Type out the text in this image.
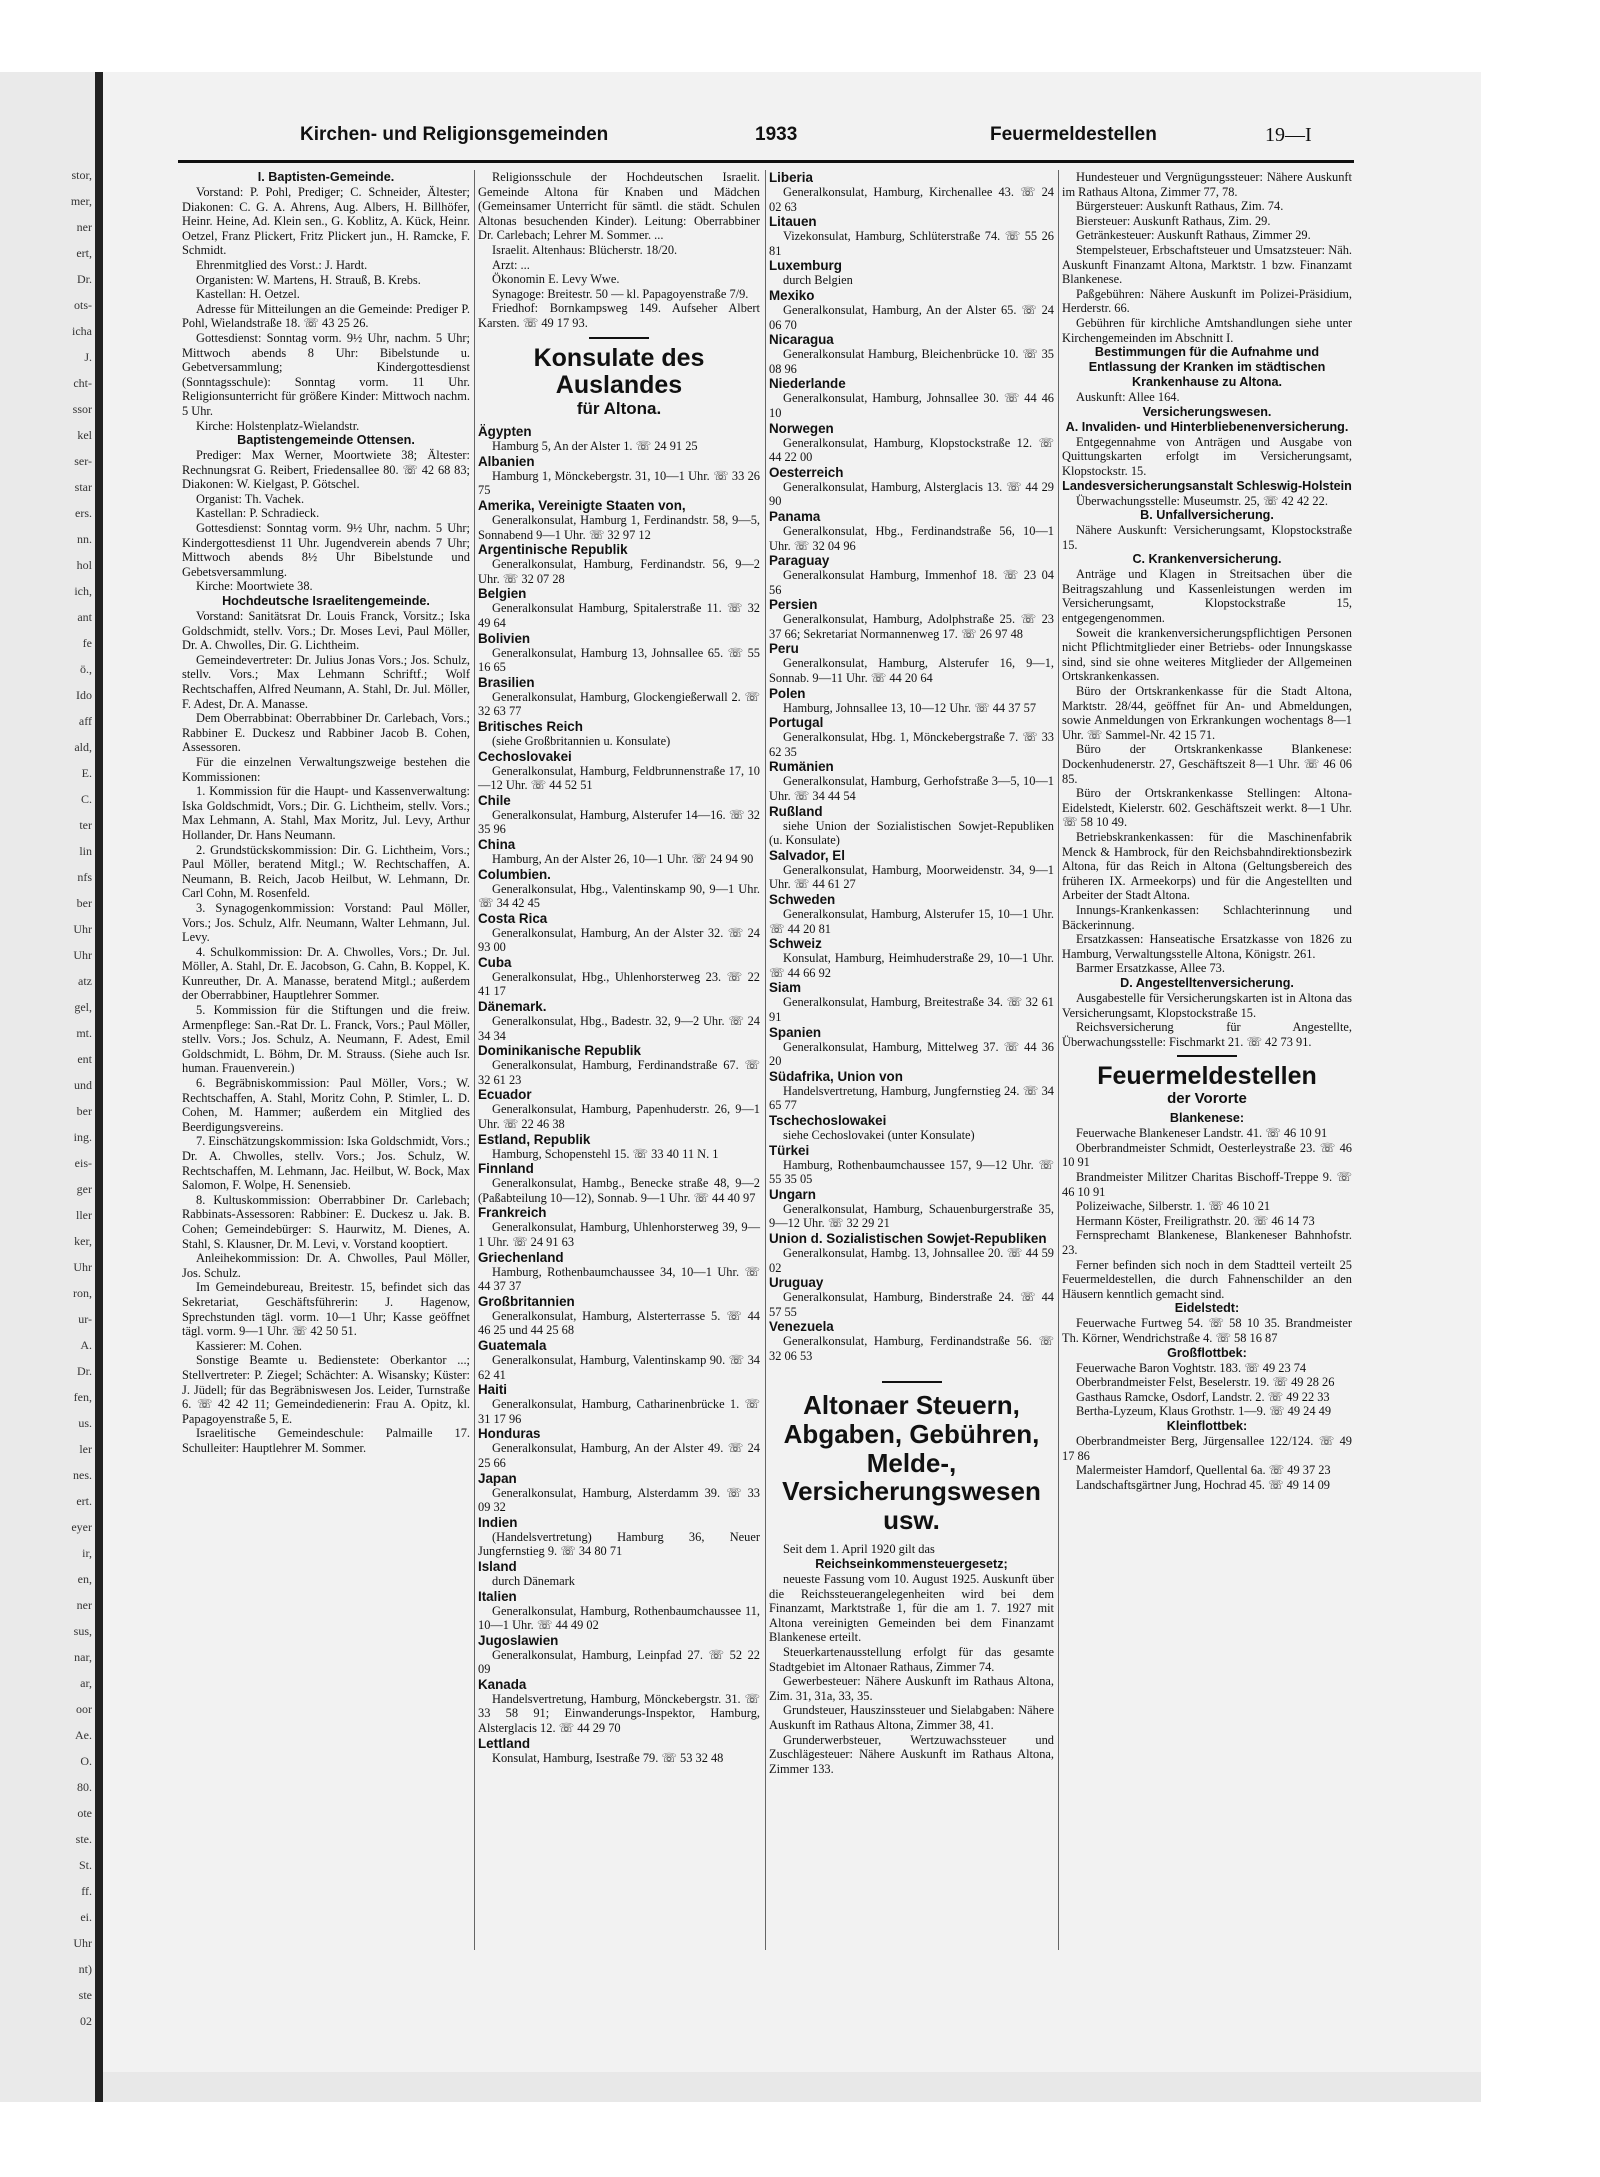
stor,
mer,
ner
ert,
Dr.
ots-
icha
J.
cht-
ssor
kel
ser-
star
ers.
nn.
hol
ich,
ant
fe
ö.,
Ido
aff
ald,
E.
C.
ter
lin
nfs
ber
Uhr
Uhr
atz
gel,
mt.
ent
und
ber
ing.
eis-
ger
ller
ker,
Uhr
ron,
ur-
A.
Dr.
fen,
us.
ler
nes.
ert.
eyer
ir,
en,
ner
sus,
nar,
ar,
oor
Ae.
O.
80.
ote
ste.
St.
ff.
ei.
Uhr
nt)
ste
02
Kirchen- und Religionsgemeinden	1933	Feuermeldestellen	19—I

I. Baptisten-Gemeinde.

Vorstand: P. Pohl, Prediger; C. Schneider, Ältester; Diakonen: C. G. A. Ahrens, Aug. Albers, H. Billhöfer, Heinr. Heine, Ad. Klein sen., G. Koblitz, A. Kück, Heinr. Oetzel, Franz Plickert, Fritz Plickert jun., H. Ramcke, F. Schmidt.

Ehrenmitglied des Vorst.: J. Hardt.

Organisten: W. Martens, H. Strauß, B. Krebs.

Kastellan: H. Oetzel.

Adresse für Mitteilungen an die Gemeinde: Prediger P. Pohl, Wielandstraße 18. ☏ 43 25 26.

Gottesdienst: Sonntag vorm. 9½ Uhr, nachm. 5 Uhr; Mittwoch abends 8 Uhr: Bibelstunde u. Gebetversammlung; Kindergottesdienst (Sonntagsschule): Sonntag vorm. 11 Uhr. Religionsunterricht für größere Kinder: Mittwoch nachm. 5 Uhr.

Kirche: Holstenplatz-Wielandstr.

Baptistengemeinde Ottensen.

Prediger: Max Werner, Moortwiete 38; Ältester: Rechnungsrat G. Reibert, Friedensallee 80. ☏ 42 68 83; Diakonen: W. Kielgast, P. Götschel.

Organist: Th. Vachek.

Kastellan: P. Schradieck.

Gottesdienst: Sonntag vorm. 9½ Uhr, nachm. 5 Uhr; Kindergottesdienst 11 Uhr. Jugendverein abends 7 Uhr; Mittwoch abends 8½ Uhr Bibelstunde und Gebetsversammlung.

Kirche: Moortwiete 38.

Hochdeutsche Israelitengemeinde.

Vorstand: Sanitätsrat Dr. Louis Franck, Vorsitz.; Iska Goldschmidt, stellv. Vors.; Dr. Moses Levi, Paul Möller, Dr. A. Chwolles, Dir. G. Lichtheim.

Gemeindevertreter: Dr. Julius Jonas Vors.; Jos. Schulz, stellv. Vors.; Max Lehmann Schriftf.; Wolf Rechtschaffen, Alfred Neumann, A. Stahl, Dr. Jul. Möller, F. Adest, Dr. A. Manasse.

Dem Oberrabbinat: Oberrabbiner Dr. Carlebach, Vors.; Rabbiner E. Duckesz und Rabbiner Jacob B. Cohen, Assessoren.

Für die einzelnen Verwaltungszweige bestehen die Kommissionen:

1. Kommission für die Haupt- und Kassenverwaltung: Iska Goldschmidt, Vors.; Dir. G. Lichtheim, stellv. Vors.; Max Lehmann, A. Stahl, Max Moritz, Jul. Levy, Arthur Hollander, Dr. Hans Neumann.

2. Grundstückskommission: Dir. G. Lichtheim, Vors.; Paul Möller, beratend Mitgl.; W. Rechtschaffen, A. Neumann, B. Reich, Jacob Heilbut, W. Lehmann, Dr. Carl Cohn, M. Rosenfeld.

3. Synagogenkommission: Vorstand: Paul Möller, Vors.; Jos. Schulz, Alfr. Neumann, Walter Lehmann, Jul. Levy.

4. Schulkommission: Dr. A. Chwolles, Vors.; Dr. Jul. Möller, A. Stahl, Dr. E. Jacobson, G. Cahn, B. Koppel, K. Kunreuther, Dr. A. Manasse, beratend Mitgl.; außerdem der Oberrabbiner, Hauptlehrer Sommer.

5. Kommission für die Stiftungen und die freiw. Armenpflege: San.-Rat Dr. L. Franck, Vors.; Paul Möller, stellv. Vors.; Jos. Schulz, A. Neumann, F. Adest, Emil Goldschmidt, L. Böhm, Dr. M. Strauss. (Siehe auch Isr. human. Frauenverein.)

6. Begräbniskommission: Paul Möller, Vors.; W. Rechtschaffen, A. Stahl, Moritz Cohn, P. Stimler, L. D. Cohen, M. Hammer; außerdem ein Mitglied des Beerdigungsvereins.

7. Einschätzungskommission: Iska Goldschmidt, Vors.; Dr. A. Chwolles, stellv. Vors.; Jos. Schulz, W. Rechtschaffen, M. Lehmann, Jac. Heilbut, W. Bock, Max Salomon, F. Wolpe, H. Senensieb.

8. Kultuskommission: Oberrabbiner Dr. Carlebach; Rabbinats-Assessoren: Rabbiner: E. Duckesz u. Jak. B. Cohen; Gemeindebürger: S. Haurwitz, M. Dienes, A. Stahl, S. Klausner, Dr. M. Levi, v. Vorstand kooptiert.

Anleihekommission: Dr. A. Chwolles, Paul Möller, Jos. Schulz.

Im Gemeindebureau, Breitestr. 15, befindet sich das Sekretariat, Geschäftsführerin: J. Hagenow, Sprechstunden tägl. vorm. 10—1 Uhr; Kasse geöffnet tägl. vorm. 9—1 Uhr. ☏ 42 50 51.

Kassierer: M. Cohen.

Sonstige Beamte u. Bedienstete: Oberkantor ...; Stellvertreter: P. Ziegel; Schächter: A. Wisansky; Küster: J. Jüdell; für das Begräbniswesen Jos. Leider, Turnstraße 6. ☏ 42 42 11; Gemeindedienerin: Frau A. Opitz, kl. Papagoyenstraße 5, E.

Israelitische Gemeindeschule: Palmaille 17. Schulleiter: Hauptlehrer M. Sommer.

Religionsschule der Hochdeutschen Israelit. Gemeinde Altona für Knaben und Mädchen (Gemeinsamer Unterricht für sämtl. die städt. Schulen Altonas besuchenden Kinder). Leitung: Oberrabbiner Dr. Carlebach; Lehrer M. Sommer. ...

Israelit. Altenhaus: Blücherstr. 18/20.

Arzt: ...

Ökonomin E. Levy Wwe.

Synagoge: Breitestr. 50 — kl. Papagoyenstraße 7/9.

Friedhof: Bornkampsweg 149. Aufseher Albert Karsten. ☏ 49 17 93.

Konsulate des Auslandes

für Altona.

Ägypten

Hamburg 5, An der Alster 1. ☏ 24 91 25

Albanien

Hamburg 1, Mönckebergstr. 31, 10—1 Uhr. ☏ 33 26 75

Amerika, Vereinigte Staaten von,

Generalkonsulat, Hamburg 1, Ferdinandstr. 58, 9—5, Sonnabend 9—1 Uhr. ☏ 32 97 12

Argentinische Republik

Generalkonsulat, Hamburg, Ferdinandstr. 56, 9—2 Uhr. ☏ 32 07 28

Belgien

Generalkonsulat Hamburg, Spitalerstraße 11. ☏ 32 49 64

Bolivien

Generalkonsulat, Hamburg 13, Johnsallee 65. ☏ 55 16 65

Brasilien

Generalkonsulat, Hamburg, Glockengießerwall 2. ☏ 32 63 77

Britisches Reich

(siehe Großbritannien u. Konsulate)

Cechoslovakei

Generalkonsulat, Hamburg, Feldbrunnenstraße 17, 10—12 Uhr. ☏ 44 52 51

Chile

Generalkonsulat, Hamburg, Alsterufer 14—16. ☏ 32 35 96

China

Hamburg, An der Alster 26, 10—1 Uhr. ☏ 24 94 90

Columbien.

Generalkonsulat, Hbg., Valentinskamp 90, 9—1 Uhr. ☏ 34 42 45

Costa Rica

Generalkonsulat, Hamburg, An der Alster 32. ☏ 24 93 00

Cuba

Generalkonsulat, Hbg., Uhlenhorsterweg 23. ☏ 22 41 17

Dänemark.

Generalkonsulat, Hbg., Badestr. 32, 9—2 Uhr. ☏ 24 34 34

Dominikanische Republik

Generalkonsulat, Hamburg, Ferdinandstraße 67. ☏ 32 61 23

Ecuador

Generalkonsulat, Hamburg, Papenhuderstr. 26, 9—1 Uhr. ☏ 22 46 38

Estland, Republik

Hamburg, Schopenstehl 15. ☏ 33 40 11 N. 1

Finnland

Generalkonsulat, Hambg., Benecke straße 48, 9—2 (Paßabteilung 10—12), Sonnab. 9—1 Uhr. ☏ 44 40 97

Frankreich

Generalkonsulat, Hamburg, Uhlenhorsterweg 39, 9—1 Uhr. ☏ 24 91 63

Griechenland

Hamburg, Rothenbaumchaussee 34, 10—1 Uhr. ☏ 44 37 37

Großbritannien

Generalkonsulat, Hamburg, Alsterterrasse 5. ☏ 44 46 25 und 44 25 68

Guatemala

Generalkonsulat, Hamburg, Valentinskamp 90. ☏ 34 62 41

Haiti

Generalkonsulat, Hamburg, Catharinenbrücke 1. ☏ 31 17 96

Honduras

Generalkonsulat, Hamburg, An der Alster 49. ☏ 24 25 66

Japan

Generalkonsulat, Hamburg, Alsterdamm 39. ☏ 33 09 32

Indien

(Handelsvertretung) Hamburg 36, Neuer Jungfernstieg 9. ☏ 34 80 71

Island

durch Dänemark

Italien

Generalkonsulat, Hamburg, Rothenbaumchaussee 11, 10—1 Uhr. ☏ 44 49 02

Jugoslawien

Generalkonsulat, Hamburg, Leinpfad 27. ☏ 52 22 09

Kanada

Handelsvertretung, Hamburg, Mönckebergstr. 31. ☏ 33 58 91; Einwanderungs-Inspektor, Hamburg, Alsterglacis 12. ☏ 44 29 70

Lettland

Konsulat, Hamburg, Isestraße 79. ☏ 53 32 48

Liberia

Generalkonsulat, Hamburg, Kirchenallee 43. ☏ 24 02 63

Litauen

Vizekonsulat, Hamburg, Schlüterstraße 74. ☏ 55 26 81

Luxemburg

durch Belgien

Mexiko

Generalkonsulat, Hamburg, An der Alster 65. ☏ 24 06 70

Nicaragua

Generalkonsulat Hamburg, Bleichenbrücke 10. ☏ 35 08 96

Niederlande

Generalkonsulat, Hamburg, Johnsallee 30. ☏ 44 46 10

Norwegen

Generalkonsulat, Hamburg, Klopstockstraße 12. ☏ 44 22 00

Oesterreich

Generalkonsulat, Hamburg, Alsterglacis 13. ☏ 44 29 90

Panama

Generalkonsulat, Hbg., Ferdinandstraße 56, 10—1 Uhr. ☏ 32 04 96

Paraguay

Generalkonsulat Hamburg, Immenhof 18. ☏ 23 04 56

Persien

Generalkonsulat, Hamburg, Adolphstraße 25. ☏ 23 37 66; Sekretariat Normannenweg 17. ☏ 26 97 48

Peru

Generalkonsulat, Hamburg, Alsterufer 16, 9—1, Sonnab. 9—11 Uhr. ☏ 44 20 64

Polen

Hamburg, Johnsallee 13, 10—12 Uhr. ☏ 44 37 57

Portugal

Generalkonsulat, Hbg. 1, Mönckebergstraße 7. ☏ 33 62 35

Rumänien

Generalkonsulat, Hamburg, Gerhofstraße 3—5, 10—1 Uhr. ☏ 34 44 54

Rußland

siehe Union der Sozialistischen Sowjet-Republiken (u. Konsulate)

Salvador, El

Generalkonsulat, Hamburg, Moorweidenstr. 34, 9—1 Uhr. ☏ 44 61 27

Schweden

Generalkonsulat, Hamburg, Alsterufer 15, 10—1 Uhr. ☏ 44 20 81

Schweiz

Konsulat, Hamburg, Heimhuderstraße 29, 10—1 Uhr. ☏ 44 66 92

Siam

Generalkonsulat, Hamburg, Breitestraße 34. ☏ 32 61 91

Spanien

Generalkonsulat, Hamburg, Mittelweg 37. ☏ 44 36 20

Südafrika, Union von

Handelsvertretung, Hamburg, Jungfernstieg 24. ☏ 34 65 77

Tschechoslowakei

siehe Cechoslovakei (unter Konsulate)

Türkei

Hamburg, Rothenbaumchaussee 157, 9—12 Uhr. ☏ 55 35 05

Ungarn

Generalkonsulat, Hamburg, Schauenburgerstraße 35, 9—12 Uhr. ☏ 32 29 21

Union d. Sozialistischen Sowjet-Republiken

Generalkonsulat, Hambg. 13, Johnsallee 20. ☏ 44 59 02

Uruguay

Generalkonsulat, Hamburg, Binderstraße 24. ☏ 44 57 55

Venezuela

Generalkonsulat, Hamburg, Ferdinandstraße 56. ☏ 32 06 53

Altonaer Steuern, Abgaben, Gebühren, Melde-, Versicherungswesen usw.

Seit dem 1. April 1920 gilt das

Reichseinkommensteuergesetz;

neueste Fassung vom 10. August 1925. Auskunft über die Reichssteuerangelegenheiten wird bei dem Finanzamt, Marktstraße 1, für die am 1. 7. 1927 mit Altona vereinigten Gemeinden bei dem Finanzamt Blankenese erteilt.

Steuerkartenausstellung erfolgt für das gesamte Stadtgebiet im Altonaer Rathaus, Zimmer 74.

Gewerbesteuer: Nähere Auskunft im Rathaus Altona, Zim. 31, 31a, 33, 35.

Grundsteuer, Hauszinssteuer und Sielabgaben: Nähere Auskunft im Rathaus Altona, Zimmer 38, 41.

Grunderwerbsteuer, Wertzuwachssteuer und Zuschlägesteuer: Nähere Auskunft im Rathaus Altona, Zimmer 133.

Hundesteuer und Vergnügungssteuer: Nähere Auskunft im Rathaus Altona, Zimmer 77, 78.

Bürgersteuer: Auskunft Rathaus, Zim. 74.

Biersteuer: Auskunft Rathaus, Zim. 29.

Getränkesteuer: Auskunft Rathaus, Zimmer 29.

Stempelsteuer, Erbschaftsteuer und Umsatzsteuer: Näh. Auskunft Finanzamt Altona, Marktstr. 1 bzw. Finanzamt Blankenese.

Paßgebühren: Nähere Auskunft im Polizei-Präsidium, Herderstr. 66.

Gebühren für kirchliche Amtshandlungen siehe unter Kirchengemeinden im Abschnitt I.

Bestimmungen für die Aufnahme und Entlassung der Kranken im städtischen Krankenhause zu Altona.

Auskunft: Allee 164.

Versicherungswesen.

A. Invaliden- und Hinterbliebenenversicherung.

Entgegennahme von Anträgen und Ausgabe von Quittungskarten erfolgt im Versicherungsamt, Klopstockstr. 15.

Landesversicherungsanstalt Schleswig-Holstein

Überwachungsstelle: Museumstr. 25, ☏ 42 42 22.

B. Unfallversicherung.

Nähere Auskunft: Versicherungsamt, Klopstockstraße 15.

C. Krankenversicherung.

Anträge und Klagen in Streitsachen über die Beitragszahlung und Kassenleistungen werden im Versicherungsamt, Klopstockstraße 15, entgegengenommen.

Soweit die krankenversicherungspflichtigen Personen nicht Pflichtmitglieder einer Betriebs- oder Innungskasse sind, sind sie ohne weiteres Mitglieder der Allgemeinen Ortskrankenkassen.

Büro der Ortskrankenkasse für die Stadt Altona, Marktstr. 28/44, geöffnet für An- und Abmeldungen, sowie Anmeldungen von Erkrankungen wochentags 8—1 Uhr. ☏ Sammel-Nr. 42 15 71.

Büro der Ortskrankenkasse Blankenese: Dockenhudenerstr. 27, Geschäftszeit 8—1 Uhr. ☏ 46 06 85.

Büro der Ortskrankenkasse Stellingen: Altona-Eidelstedt, Kielerstr. 602. Geschäftszeit werkt. 8—1 Uhr. ☏ 58 10 49.

Betriebskrankenkassen: für die Maschinenfabrik Menck & Hambrock, für den Reichsbahndirektionsbezirk Altona, für das Reich in Altona (Geltungsbereich des früheren IX. Armeekorps) und für die Angestellten und Arbeiter der Stadt Altona.

Innungs-Krankenkassen: Schlachterinnung und Bäckerinnung.

Ersatzkassen: Hanseatische Ersatzkasse von 1826 zu Hamburg, Verwaltungsstelle Altona, Königstr. 261.

Barmer Ersatzkasse, Allee 73.

D. Angestelltenversicherung.

Ausgabestelle für Versicherungskarten ist in Altona das Versicherungsamt, Klopstockstraße 15.

Reichsversicherung für Angestellte, Überwachungsstelle: Fischmarkt 21. ☏ 42 73 91.

Feuermeldestellen

der Vororte

Blankenese:

Feuerwache Blankeneser Landstr. 41. ☏ 46 10 91

Oberbrandmeister Schmidt, Oesterleystraße 23. ☏ 46 10 91

Brandmeister Militzer Charitas Bischoff-Treppe 9. ☏ 46 10 91

Polizeiwache, Silberstr. 1. ☏ 46 10 21

Hermann Köster, Freiligrathstr. 20. ☏ 46 14 73

Fernsprechamt Blankenese, Blankeneser Bahnhofstr. 23.

Ferner befinden sich noch in dem Stadtteil verteilt 25 Feuermeldestellen, die durch Fahnenschilder an den Häusern kenntlich gemacht sind.

Eidelstedt:

Feuerwache Furtweg 54. ☏ 58 10 35. Brandmeister Th. Körner, Wendrichstraße 4. ☏ 58 16 87

Großflottbek:

Feuerwache Baron Voghtstr. 183. ☏ 49 23 74

Oberbrandmeister Felst, Beselerstr. 19. ☏ 49 28 26

Gasthaus Ramcke, Osdorf, Landstr. 2. ☏ 49 22 33

Bertha-Lyzeum, Klaus Grothstr. 1—9. ☏ 49 24 49

Kleinflottbek:

Oberbrandmeister Berg, Jürgensallee 122/124. ☏ 49 17 86

Malermeister Hamdorf, Quellental 6a. ☏ 49 37 23

Landschaftsgärtner Jung, Hochrad 45. ☏ 49 14 09
